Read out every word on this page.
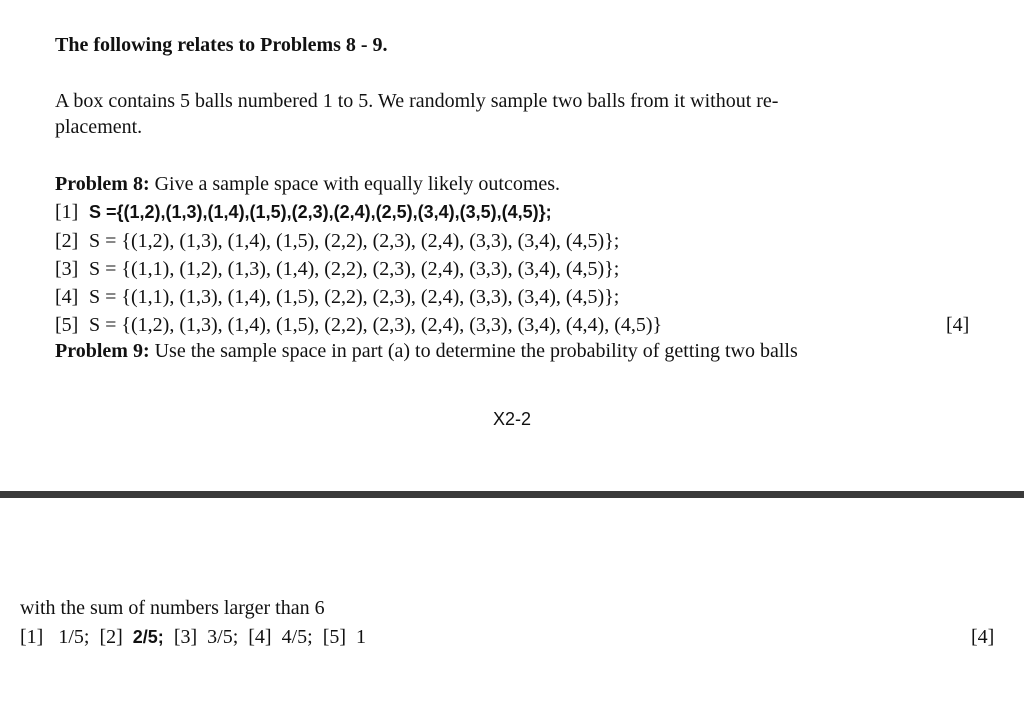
The following relates to Problems 8 - 9.
A box contains 5 balls numbered 1 to 5. We randomly sample two balls from it without re-
placement.
Problem 8: Give a sample space with equally likely outcomes.
[1] S ={(1,2),(1,3),(1,4),(1,5),(2,3),(2,4),(2,5),(3,4),(3,5),(4,5)};
[2] S = {(1,2), (1,3), (1,4), (1,5), (2,2), (2,3), (2,4), (3,3), (3,4), (4,5)};
[3] S = {(1,1), (1,2), (1,3), (1,4), (2,2), (2,3), (2,4), (3,3), (3,4), (4,5)};
[4] S = {(1,1), (1,3), (1,4), (1,5), (2,2), (2,3), (2,4), (3,3), (3,4), (4,5)};
[5] S = {(1,2), (1,3), (1,4), (1,5), (2,2), (2,3), (2,4), (3,3), (3,4), (4,4), (4,5)}	[4]
Problem 9: Use the sample space in part (a) to determine the probability of getting two balls
X2-2
with the sum of numbers larger than 6
[1] 1/5; [2] 2/5; [3] 3/5; [4] 4/5; [5] 1	[4]
